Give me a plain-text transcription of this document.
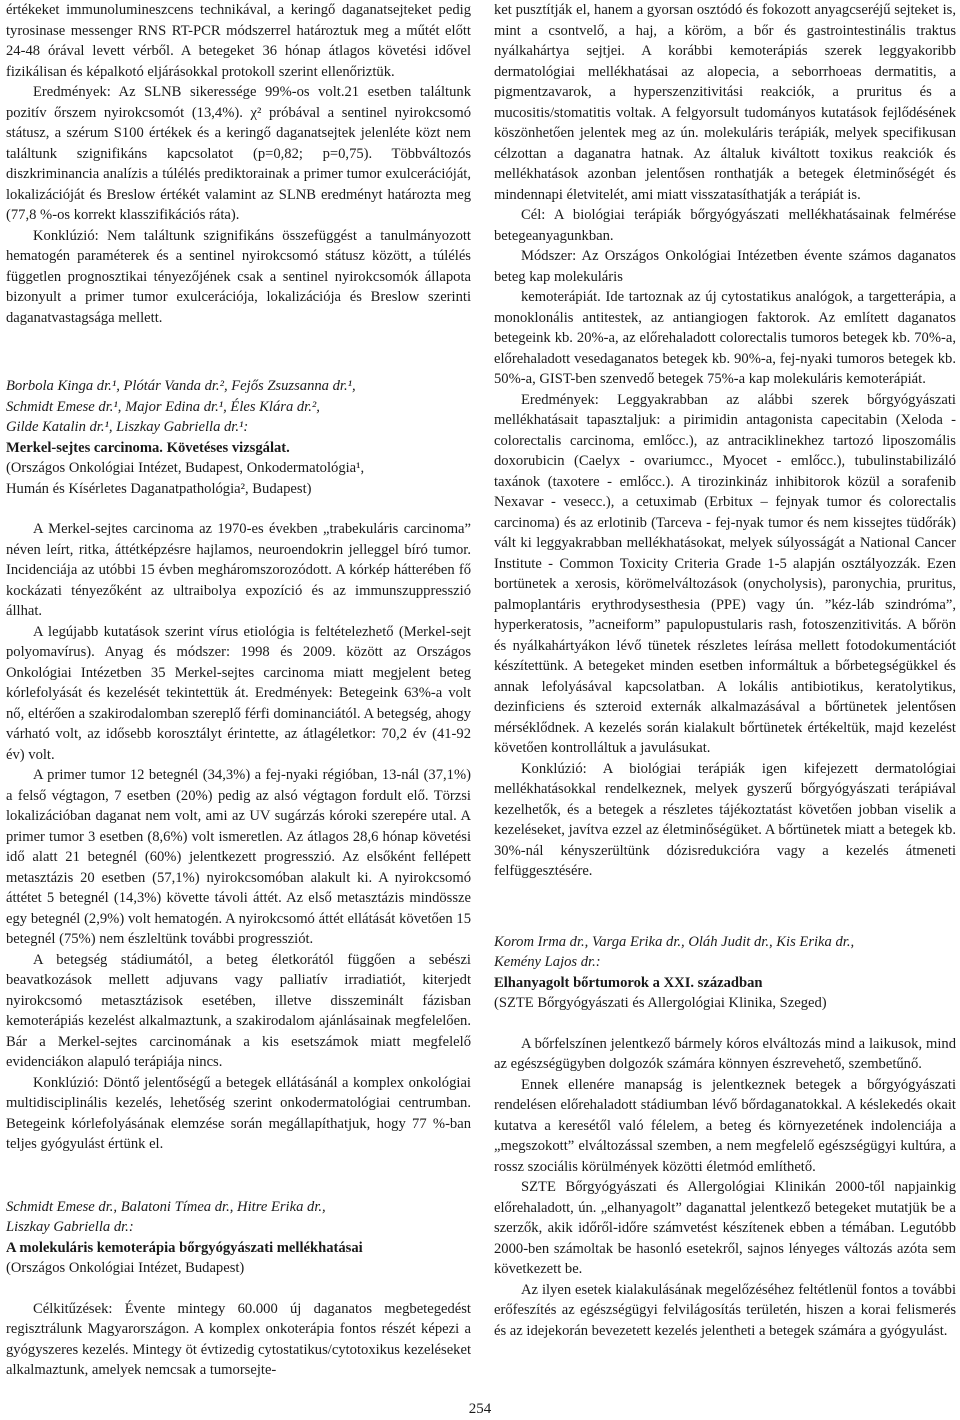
értékeket immunolumineszcens technikával, a keringő daganatsejteket pedig tyrosinase messenger RNS RT-PCR módszerrel határoztuk meg a műtét előtt 24-48 órával levett vérből. A betegeket 36 hónap átlagos követési idővel fizikálisan és képalkotó eljárásokkal protokoll szerint ellenőriztük.

Eredmények: Az SLNB sikeressége 99%-os volt.21 esetben találtunk pozitív őrszem nyirokcsomót (13,4%). χ² próbával a sentinel nyirokcsomó státusz, a szérum S100 értékek és a keringő daganatsejtek jelenléte közt nem találtunk szignifikáns kapcsolatot (p=0,82; p=0,75). Többváltozós diszkriminancia analízis a túlélés prediktorainak a primer tumor exulcerációját, lokalizációját és Breslow értékét valamint az SLNB eredményt határozta meg (77,8 %-os korrekt klasszifikációs ráta).

Konklúzió: Nem találtunk szignifikáns összefüggést a tanulmányozott hematogén paraméterek és a sentinel nyirokcsomó státusz között, a túlélés független prognosztikai tényezőjének csak a sentinel nyirokcsomók állapota bizonyult a primer tumor exulcerációja, lokalizációja és Breslow szerinti daganatvastagsága mellett.

Borbola Kinga dr.¹, Plótár Vanda dr.², Fejős Zsuzsanna dr.¹,

Schmidt Emese dr.¹, Major Edina dr.¹, Éles Klára dr.²,

Gilde Katalin dr.¹, Liszkay Gabriella dr.¹:

Merkel-sejtes carcinoma. Követéses vizsgálat.

(Országos Onkológiai Intézet, Budapest, Onkodermatológia¹,

Humán és Kísérletes Daganatpathológia², Budapest)

A Merkel-sejtes carcinoma az 1970-es években „trabekuláris carcinoma” néven leírt, ritka, áttétképzésre hajlamos, neuroendokrin jelleggel bíró tumor. Incidenciája az utóbbi 15 évben megháromszorozódott. A kórkép hátterében fő kockázati tényezőként az ultraibolya expozíció és az immunszuppresszió állhat.

A legújabb kutatások szerint vírus etiológia is feltételezhető (Merkel-sejt polyomavírus). Anyag és módszer: 1998 és 2009. között az Országos Onkológiai Intézetben 35 Merkel-sejtes carcinoma miatt megjelent beteg kórlefolyását és kezelését tekintettük át. Eredmények: Betegeink 63%-a volt nő, eltérően a szakirodalomban szereplő férfi dominanciától. A betegség, ahogy várható volt, az idősebb korosztályt érintette, az átlagéletkor: 70,2 év (41-92 év) volt.

A primer tumor 12 betegnél (34,3%) a fej-nyaki régióban, 13-nál (37,1%) a felső végtagon, 7 esetben (20%) pedig az alsó végtagon fordult elő. Törzsi lokalizációban daganat nem volt, ami az UV sugárzás kóroki szerepére utal. A primer tumor 3 esetben (8,6%) volt ismeretlen. Az átlagos 28,6 hónap követési idő alatt 21 betegnél (60%) jelentkezett progresszió. Az elsőként fellépett metasztázis 20 esetben (57,1%) nyirokcsomóban alakult ki. A nyirokcsomó áttétet 5 betegnél (14,3%) követte távoli áttét. Az első metasztázis mindössze egy betegnél (2,9%) volt hematogén. A nyirokcsomó áttét ellátását követően 15 betegnél (75%) nem észleltünk további progressziót.

A betegség stádiumától, a beteg életkorától függően a sebészi beavatkozások mellett adjuvans vagy palliatív irradiatiót, kiterjedt nyirokcsomó metasztázisok esetében, illetve disszeminált fázisban kemoterápiás kezelést alkalmaztunk, a szakirodalom ajánlásainak megfelelően. Bár a Merkel-sejtes carcinomának a kis esetszámok miatt megfelelő evidenciákon alapuló terápiája nincs.

Konklúzió: Döntő jelentőségű a betegek ellátásánál a komplex onkológiai multidisciplinális kezelés, lehetőség szerint onkodermatológiai centrumban. Betegeink kórlefolyásának elemzése során megállapíthatjuk, hogy 77 %-ban teljes gyógyulást értünk el.

Schmidt Emese dr., Balatoni Tímea dr., Hitre Erika dr.,

Liszkay Gabriella dr.:

A molekuláris kemoterápia bőrgyógyászati mellékhatásai

(Országos Onkológiai Intézet, Budapest)

Célkitűzések: Évente mintegy 60.000 új daganatos megbetegedést regisztrálunk Magyarországon. A komplex onkoterápia fontos részét képezi a gyógyszeres kezelés. Mintegy öt évtizedig cytostatikus/cytotoxikus kezeléseket alkalmaztunk, amelyek nemcsak a tumorsejte-

ket pusztítják el, hanem a gyorsan osztódó és fokozott anyagcseréjű sejteket is, mint a csontvelő, a haj, a köröm, a bőr és gastrointestinális traktus nyálkahártya sejtjei. A korábbi kemoterápiás szerek leggyakoribb dermatológiai mellékhatásai az alopecia, a seborrhoeas dermatitis, a pigmentzavarok, a hyperszenzitivitási reakciók, a pruritus és a mucositis/stomatitis voltak. A felgyorsult tudományos kutatások fejlődésének köszönhetően jelentek meg az ún. molekuláris terápiák, melyek specifikusan célzottan a daganatra hatnak. Az általuk kiváltott toxikus reakciók és mellékhatások azonban jelentősen ronthatják a betegek életminőségét és mindennapi életvitelét, ami miatt visszatasíthatják a terápiát is.

Cél: A biológiai terápiák bőrgyógyászati mellékhatásainak felmérése betegeanyagunkban.

Módszer: Az Országos Onkológiai Intézetben évente számos daganatos beteg kap molekuláris

kemoterápiát. Ide tartoznak az új cytostatikus analógok, a targetterápia, a monoklonális antitestek, az antiangiogen faktorok. Az említett daganatos betegeink kb. 20%-a, az előrehaladott colorectalis tumoros betegek kb. 70%-a, előrehaladott vesedaganatos betegek kb. 90%-a, fej-nyaki tumoros betegek kb. 50%-a, GIST-ben szenvedő betegek 75%-a kap molekuláris kemoterápiát.

Eredmények: Leggyakrabban az alábbi szerek bőrgyógyászati mellékhatásait tapasztaljuk: a pirimidin antagonista capecitabin (Xeloda - colorectalis carcinoma, emlőcc.), az antraciklinekhez tartozó liposzomális doxorubicin (Caelyx - ovariumcc., Myocet - emlőcc.), tubulinstabilizáló taxánok (taxotere - emlőcc.). A tirozinkináz inhibitorok közül a sorafenib Nexavar - vesecc.), a cetuximab (Erbitux – fejnyak tumor és colorectalis carcinoma) és az erlotinib (Tarceva - fej-nyak tumor és nem kissejtes tüdőrák) vált ki leggyakrabban mellékhatásokat, melyek súlyosságát a National Cancer Institute - Common Toxicity Criteria Grade 1-5 alapján osztályozzák. Ezen bortünetek a xerosis, körömelváltozások (onycholysis), paronychia, pruritus, palmoplantáris erythrodysesthesia (PPE) vagy ún. ”kéz-láb szindróma”, hyperkeratosis, ”acneiform” papulopustularis rash, fotoszenzitivitás. A bőrön és nyálkahártyákon lévő tünetek részletes leírása mellett fotodokumentációt készítettünk. A betegeket minden esetben informáltuk a bőrbetegségükkel és annak lefolyásával kapcsolatban. A lokális antibiotikus, keratolytikus, dezinficiens és szteroid externák alkalmazásával a bőrtünetek jelentősen mérséklődnek. A kezelés során kialakult bőrtünetek értékeltük, majd kezelést követően kontrolláltuk a javulásukat.

Konklúzió: A biológiai terápiák igen kifejezett dermatológiai mellékhatásokkal rendelkeznek, melyek gyszerű bőrgyógyászati terápiával kezelhetők, és a betegek a részletes tájékoztatást követően jobban viselik a kezeléseket, javítva ezzel az életminőségüket. A bőrtünetek miatt a betegek kb. 30%-nál kényszerültünk dózisredukcióra vagy a kezelés átmeneti felfüggesztésére.

Korom Irma dr., Varga Erika dr., Oláh Judit dr., Kis Erika dr.,

Kemény Lajos dr.:

Elhanyagolt bőrtumorok a XXI. században

(SZTE Bőrgyógyászati és Allergológiai Klinika, Szeged)

A bőrfelszínen jelentkező bármely kóros elváltozás mind a laikusok, mind az egészségügyben dolgozók számára könnyen észrevehető, szembetűnő.

Ennek ellenére manapság is jelentkeznek betegek a bőrgyógyászati rendelésen előrehaladott stádiumban lévő bőrdaganatokkal. A késlekedés okait kutatva a keresétől való félelem, a beteg és környezetének indolenciája a „megszokott” elváltozással szemben, a nem megfelelő egészségügyi kultúra, a rossz szociális körülmények közötti életmód említhető.

SZTE Bőrgyógyászati és Allergológiai Klinikán 2000-től napjainkig előrehaladott, ún. „elhanyagolt” daganattal jelentkező betegeket mutatjük be a szerzők, akik időről-időre számvetést készítenek ebben a témában. Legutóbb 2000-ben számoltak be hasonló esetekről, sajnos lényeges változás azóta sem következett be.

Az ilyen esetek kialakulásának megelőzéséhez feltétlenül fontos a további erőfeszítés az egészségügyi felvilágosítás területén, hiszen a korai felismerés és az idejekorán bevezetett kezelés jelentheti a betegek számára a gyógyulást.

254
